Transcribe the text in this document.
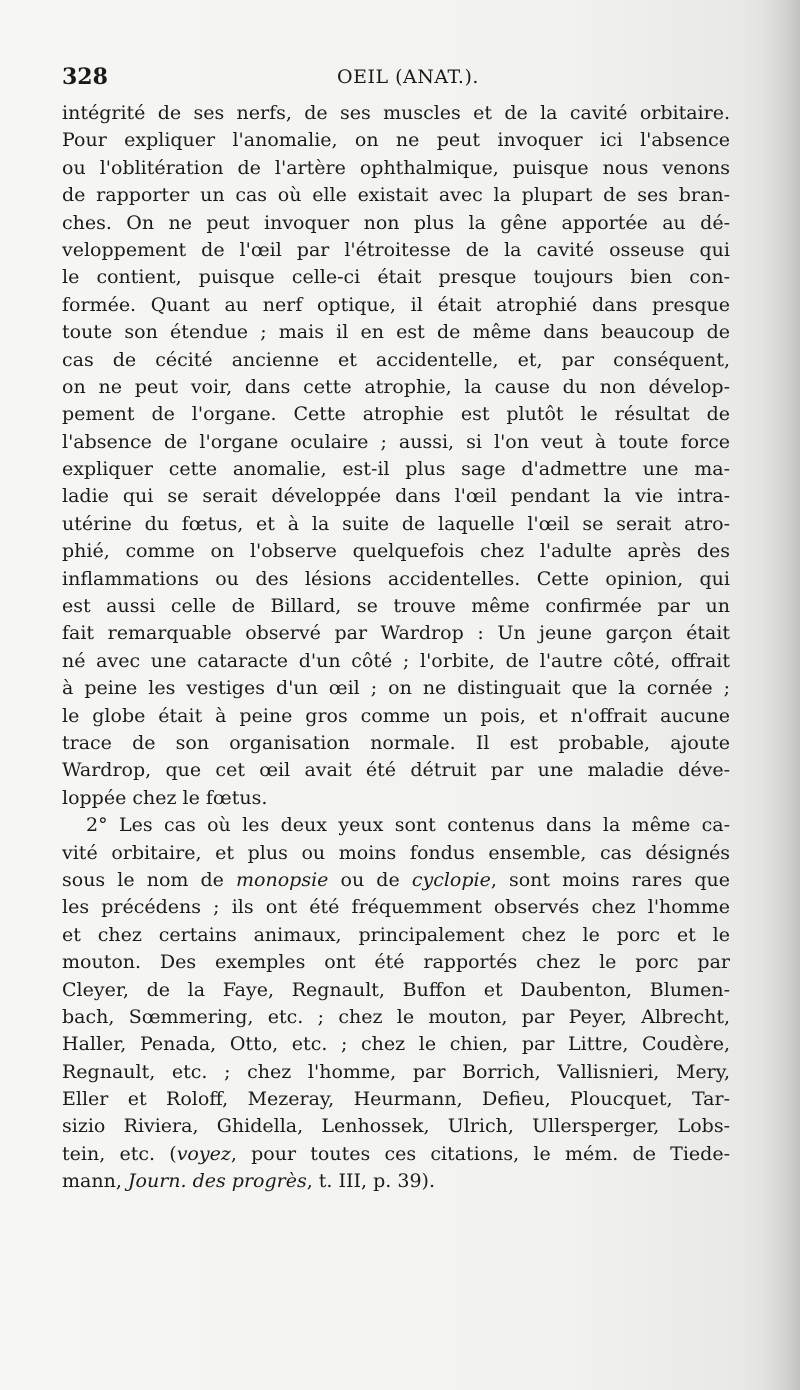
328	OEIL (ANAT.).
intégrité de ses nerfs, de ses muscles et de la cavité orbitaire.
Pour expliquer l'anomalie, on ne peut invoquer ici l'absence
ou l'oblitération de l'artère ophthalmique, puisque nous venons
de rapporter un cas où elle existait avec la plupart de ses bran-
ches. On ne peut invoquer non plus la gêne apportée au dé-
veloppement de l'œil par l'étroitesse de la cavité osseuse qui
le contient, puisque celle-ci était presque toujours bien con-
formée. Quant au nerf optique, il était atrophié dans presque
toute son étendue ; mais il en est de même dans beaucoup de
cas de cécité ancienne et accidentelle, et, par conséquent,
on ne peut voir, dans cette atrophie, la cause du non dévelop-
pement de l'organe. Cette atrophie est plutôt le résultat de
l'absence de l'organe oculaire ; aussi, si l'on veut à toute force
expliquer cette anomalie, est-il plus sage d'admettre une ma-
ladie qui se serait développée dans l'œil pendant la vie intra-
utérine du fœtus, et à la suite de laquelle l'œil se serait atro-
phié, comme on l'observe quelquefois chez l'adulte après des
inflammations ou des lésions accidentelles. Cette opinion, qui
est aussi celle de Billard, se trouve même confirmée par un
fait remarquable observé par Wardrop : Un jeune garçon était
né avec une cataracte d'un côté ; l'orbite, de l'autre côté, offrait
à peine les vestiges d'un œil ; on ne distinguait que la cornée ;
le globe était à peine gros comme un pois, et n'offrait aucune
trace de son organisation normale. Il est probable, ajoute
Wardrop, que cet œil avait été détruit par une maladie déve-
loppée chez le fœtus.
2° Les cas où les deux yeux sont contenus dans la même ca-
vité orbitaire, et plus ou moins fondus ensemble, cas désignés
sous le nom de monopsie ou de cyclopie, sont moins rares que
les précédens ; ils ont été fréquemment observés chez l'homme
et chez certains animaux, principalement chez le porc et le
mouton. Des exemples ont été rapportés chez le porc par
Cleyer, de la Faye, Regnault, Buffon et Daubenton, Blumen-
bach, Sœmmering, etc. ; chez le mouton, par Peyer, Albrecht,
Haller, Penada, Otto, etc. ; chez le chien, par Littre, Coudère,
Regnault, etc. ; chez l'homme, par Borrich, Vallisnieri, Mery,
Eller et Roloff, Mezeray, Heurmann, Defieu, Ploucquet, Tar-
sizio Riviera, Ghidella, Lenhossek, Ulrich, Ullersperger, Lobs-
tein, etc. (voyez, pour toutes ces citations, le mém. de Tiede-
mann, Journ. des progrès, t. III, p. 39).
